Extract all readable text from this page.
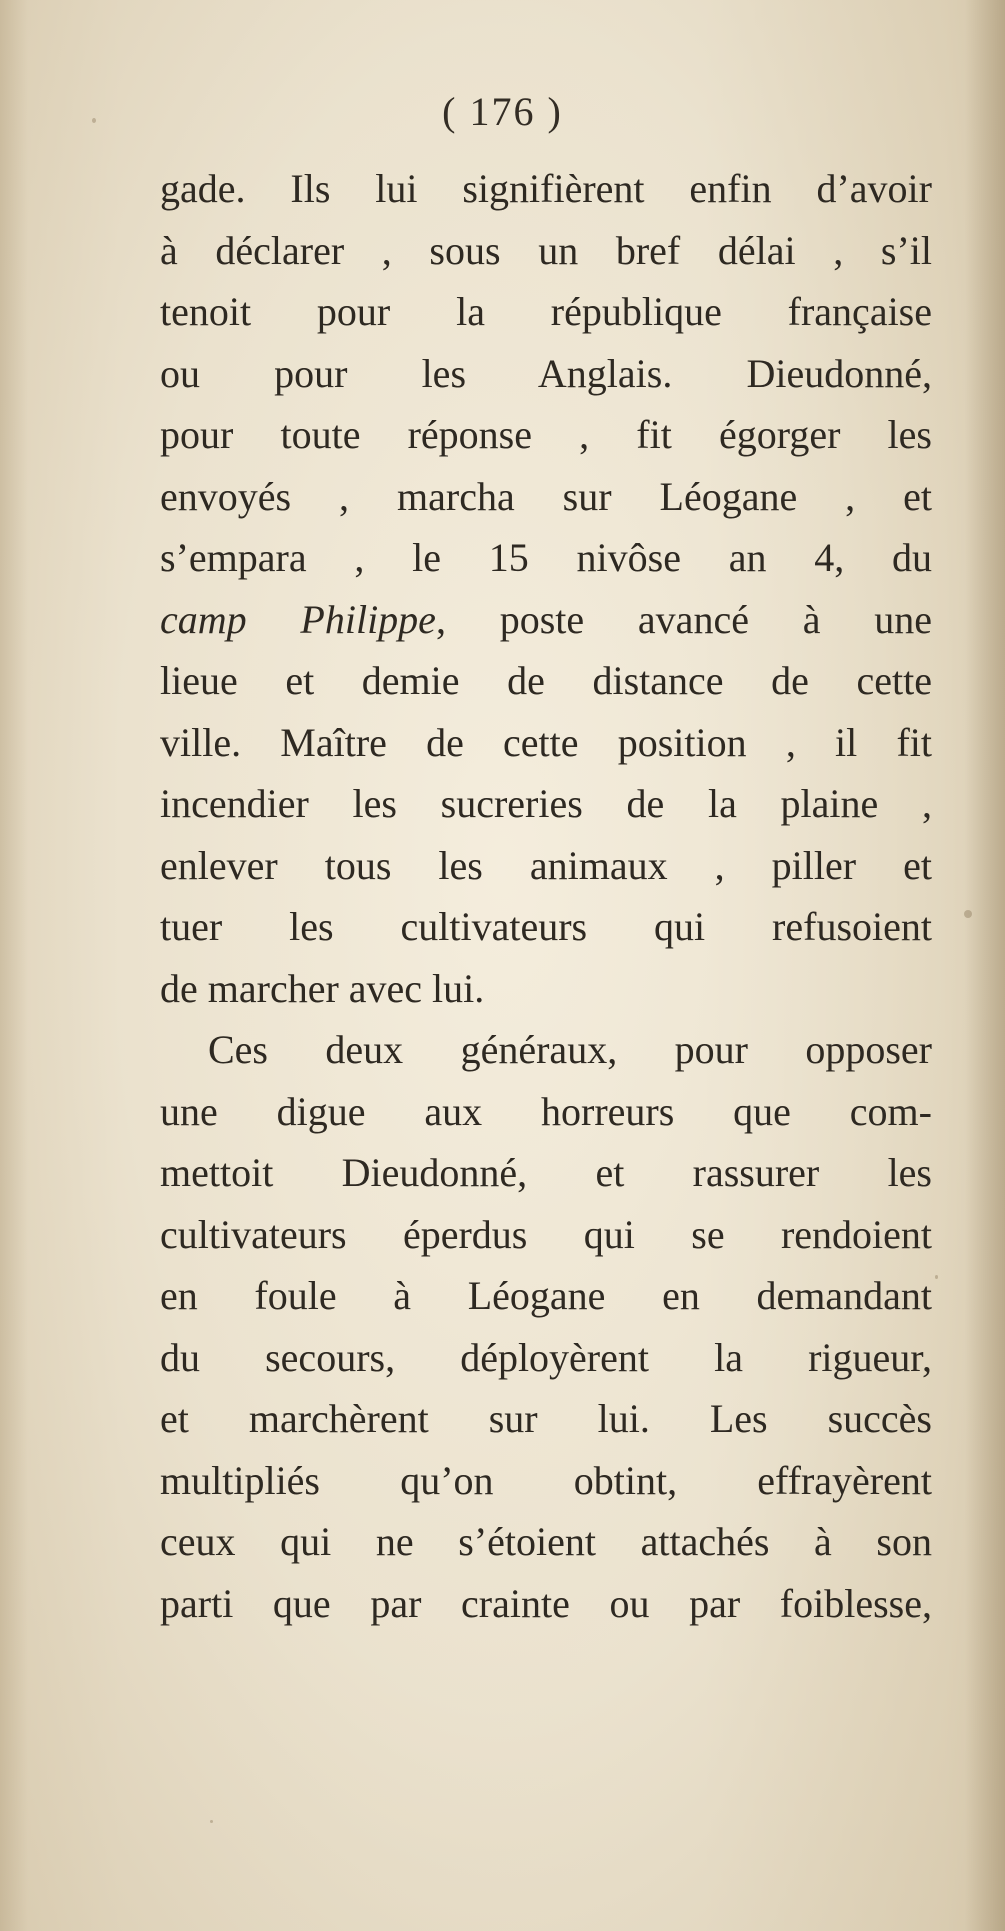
( 176 )
gade. Ils lui signifièrent enfin d’avoir
à déclarer , sous un bref délai , s’il
tenoit pour la république française
ou pour les Anglais. Dieudonné,
pour toute réponse , fit égorger les
envoyés , marcha sur Léogane , et
s’empara , le 15 nivôse an 4, du
camp Philippe, poste avancé à une
lieue et demie de distance de cette
ville. Maître de cette position , il fit
incendier les sucreries de la plaine ,
enlever tous les animaux , piller et
tuer les cultivateurs qui refusoient
de marcher avec lui.
Ces deux généraux, pour opposer
une digue aux horreurs que com-
mettoit Dieudonné, et rassurer les
cultivateurs éperdus qui se rendoient
en foule à Léogane en demandant
du secours, déployèrent la rigueur,
et marchèrent sur lui. Les succès
multipliés qu’on obtint, effrayèrent
ceux qui ne s’étoient attachés à son
parti que par crainte ou par foiblesse,
